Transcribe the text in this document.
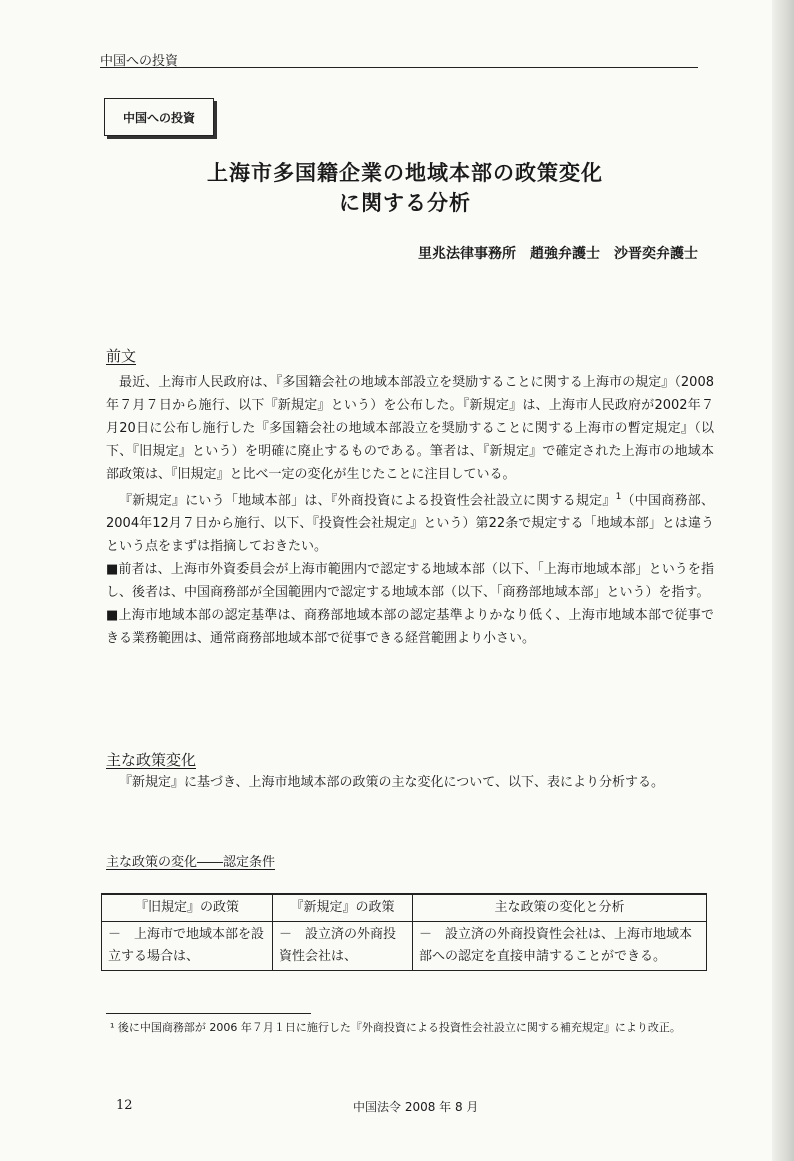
中国への投資
中国への投資
上海市多国籍企業の地域本部の政策変化
に関する分析
里兆法律事務所　趙強弁護士　沙晋奕弁護士
前文

最近、上海市人民政府は、『多国籍会社の地域本部設立を奨励することに関する上海市の規定』（2008年７月７日から施行、以下『新規定』という）を公布した。『新規定』は、上海市人民政府が2002年７月20日に公布し施行した『多国籍会社の地域本部設立を奨励することに関する上海市の暫定規定』（以下、『旧規定』という）を明確に廃止するものである。筆者は、『新規定』で確定された上海市の地域本部政策は、『旧規定』と比べ一定の変化が生じたことに注目している。

『新規定』にいう「地域本部」は、『外商投資による投資性会社設立に関する規定』$^1$（中国商務部、2004年12月７日から施行、以下、『投資性会社規定』という）第22条で規定する「地域本部」とは違うという点をまずは指摘しておきたい。

■前者は、上海市外資委員会が上海市範囲内で認定する地域本部（以下、「上海市地域本部」というを指し、後者は、中国商務部が全国範囲内で認定する地域本部（以下、「商務部地域本部」という）を指す。

■上海市地域本部の認定基準は、商務部地域本部の認定基準よりかなり低く、上海市地域本部で従事できる業務範囲は、通常商務部地域本部で従事できる経営範囲より小さい。

主な政策変化

『新規定』に基づき、上海市地域本部の政策の主な変化について、以下、表により分析する。

主な政策の変化――認定条件
『旧規定』の政策	『新規定』の政策	主な政策の変化と分析
－　上海市で地域本部を設立する場合は、	－　設立済の外商投資性会社は、	－　設立済の外商投資性会社は、上海市地域本部への認定を直接申請することができる。
¹ 後に中国商務部が 2006 年７月１日に施行した『外商投資による投資性会社設立に関する補充規定』により改正。
12	中国法令 2008 年 8 月
